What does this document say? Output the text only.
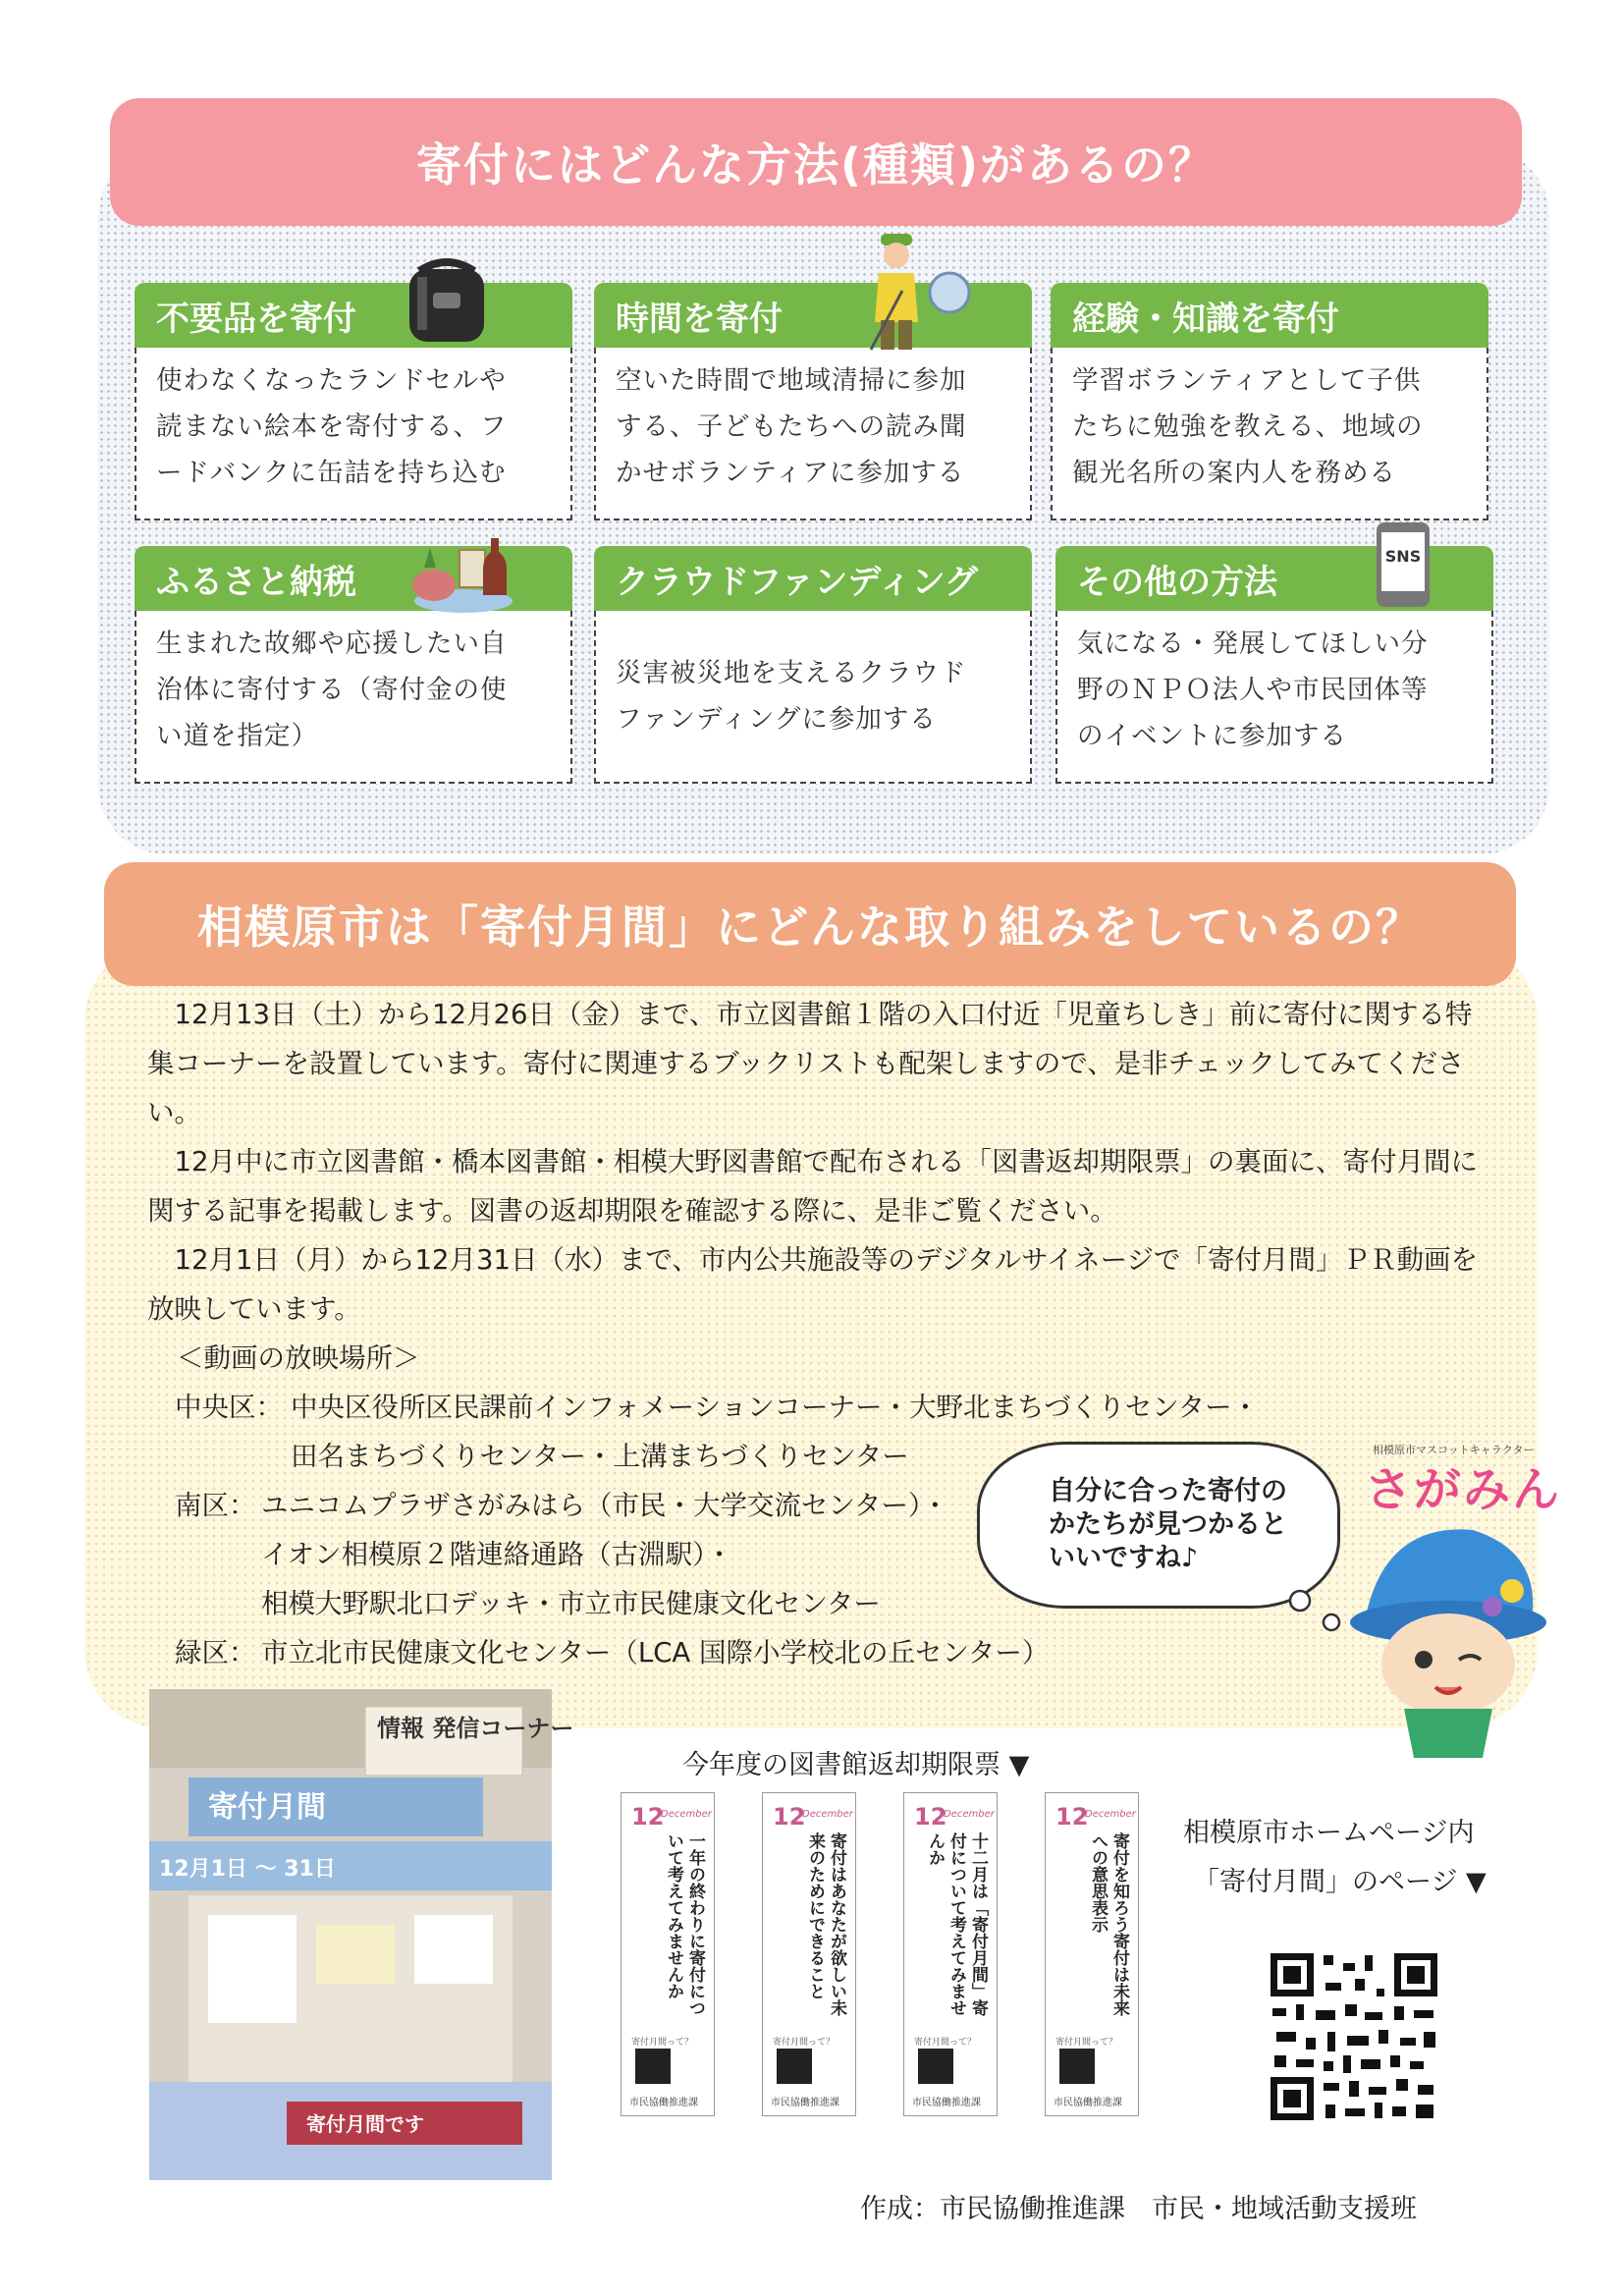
寄付にはどんな方法(種類)があるの？
不要品を寄付
使わなくなったランドセルや
読まない絵本を寄付する、フ
ードバンクに缶詰を持ち込む
時間を寄付
空いた時間で地域清掃に参加
する、子どもたちへの読み聞
かせボランティアに参加する
経験・知識を寄付
学習ボランティアとして子供
たちに勉強を教える、地域の
観光名所の案内人を務める
ふるさと納税
生まれた故郷や応援したい自
治体に寄付する（寄付金の使
い道を指定）
クラウドファンディング
災害被災地を支えるクラウド
ファンディングに参加する
その他の方法
気になる・発展してほしい分
野のＮＰＯ法人や市民団体等
のイベントに参加する
SNS
相模原市は「寄付月間」にどんな取り組みをしているの？
　12月13日（土）から12月26日（金）まで、市立図書館１階の入口付近「児童ちしき」前に寄付に関する特集コーナーを設置しています。寄付に関連するブックリストも配架しますので、是非チェックしてみてください。
　12月中に市立図書館・橋本図書館・相模大野図書館で配布される「図書返却期限票」の裏面に、寄付月間に関する記事を掲載します。図書の返却期限を確認する際に、是非ご覧ください。
　12月1日（月）から12月31日（水）まで、市内公共施設等のデジタルサイネージで「寄付月間」ＰＲ動画を放映しています。
＜動画の放映場所＞
中央区： 中央区役所区民課前インフォメーションコーナー・大野北まちづくりセンター・
田名まちづくりセンター・上溝まちづくりセンター
南区： ユニコムプラザさがみはら（市民・大学交流センター）・
イオン相模原２階連絡通路（古淵駅）・
相模大野駅北口デッキ・市立市民健康文化センター
緑区： 市立北市民健康文化センター（LCA 国際小学校北の丘センター）
自分に合った寄付の
かたちが見つかると
いいですね♪
相模原市マスコットキャラクター
さがみん
情報 発信コーナー
寄付月間
12月1日 ～ 31日
寄付月間です
今年度の図書館返却期限票 ▼
12
December
一年の終わりに寄付について考えてみませんか
寄付月間って？
市民協働推進課
12
December
寄付はあなたが欲しい未来のためにできること
寄付月間って？
市民協働推進課
12
December
十二月は「寄付月間」寄付について考えてみませんか
寄付月間って？
市民協働推進課
12
December
寄付を知ろう寄付は未来への意思表示
寄付月間って？
市民協働推進課
相模原市ホームページ内
「寄付月間」のページ ▼
作成：市民協働推進課　市民・地域活動支援班
